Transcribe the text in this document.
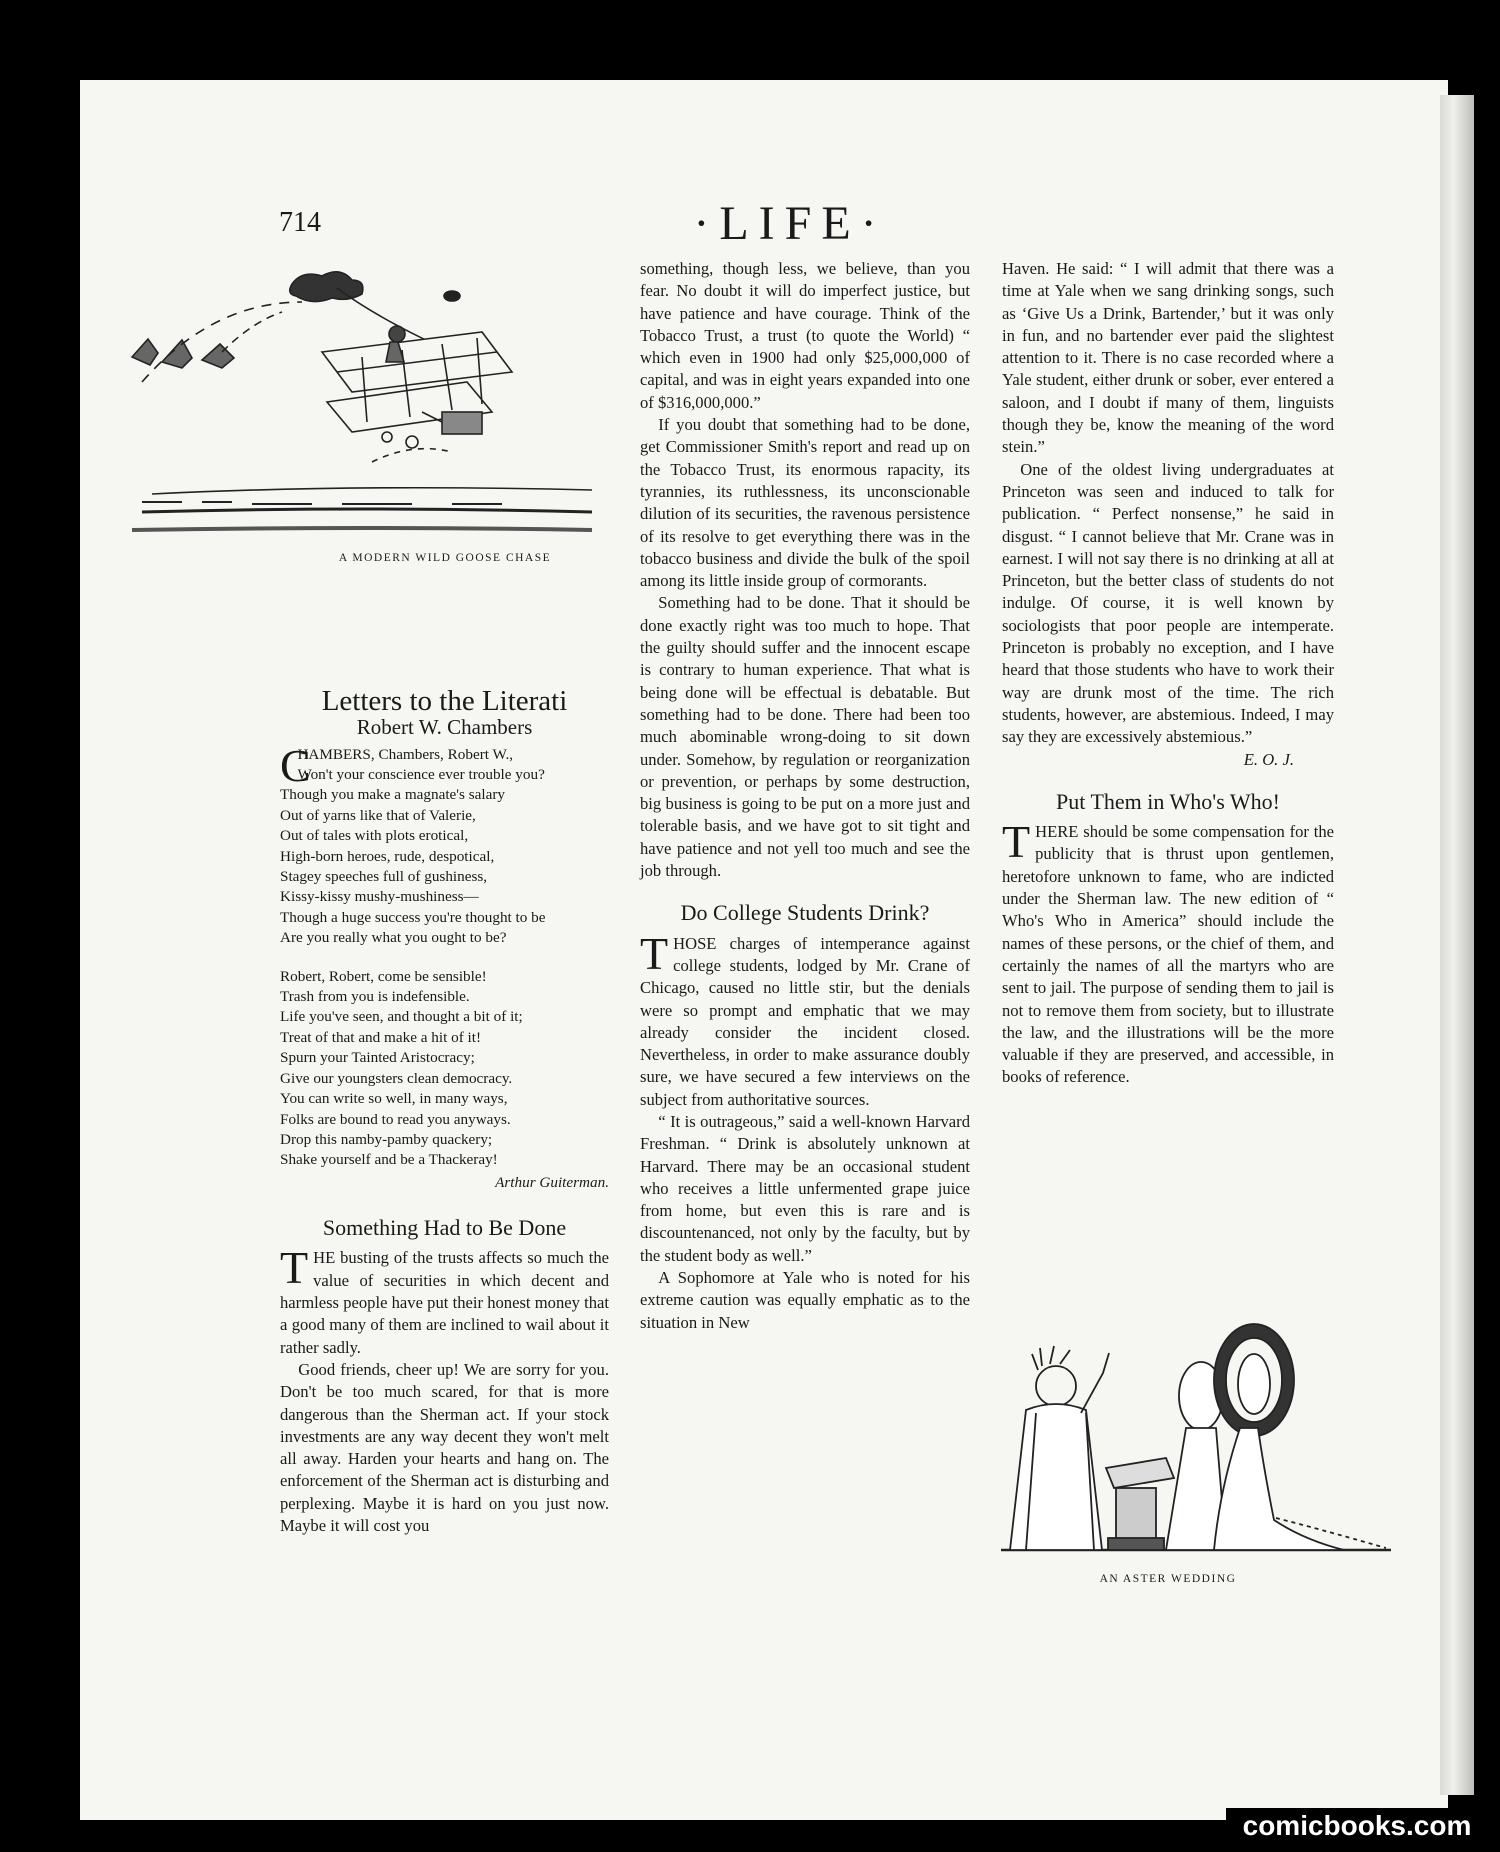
714	·LIFE·
A MODERN WILD GOOSE CHASE
Letters to the Literati
Robert W. Chambers
C
HAMBERS, Chambers, Robert W.,
Won't your conscience ever trouble you?
Though you make a magnate's salary
Out of yarns like that of Valerie,
Out of tales with plots erotical,
High-born heroes, rude, despotical,
Stagey speeches full of gushiness,
Kissy-kissy mushy-mushiness—
Though a huge success you're thought to be
Are you really what you ought to be?
Robert, Robert, come be sensible!
Trash from you is indefensible.
Life you've seen, and thought a bit of it;
Treat of that and make a hit of it!
Spurn your Tainted Aristocracy;
Give our youngsters clean democracy.
You can write so well, in many ways,
Folks are bound to read you anyways.
Drop this namby-pamby quackery;
Shake yourself and be a Thackeray!
Arthur Guiterman.
Something Had to Be Done

THE busting of the trusts affects so much the value of securities in which decent and harmless people have put their honest money that a good many of them are inclined to wail about it rather sadly.

Good friends, cheer up! We are sorry for you. Don't be too much scared, for that is more dangerous than the Sherman act. If your stock investments are any way decent they won't melt all away. Harden your hearts and hang on. The enforcement of the Sherman act is disturbing and perplexing. Maybe it is hard on you just now. Maybe it will cost you

something, though less, we believe, than you fear. No doubt it will do imperfect justice, but have patience and have courage. Think of the Tobacco Trust, a trust (to quote the World) “ which even in 1900 had only $25,000,000 of capital, and was in eight years expanded into one of $316,000,000.”

If you doubt that something had to be done, get Commissioner Smith's report and read up on the Tobacco Trust, its enormous rapacity, its tyrannies, its ruthlessness, its unconscionable dilution of its securities, the ravenous persistence of its resolve to get everything there was in the tobacco business and divide the bulk of the spoil among its little inside group of cormorants.

Something had to be done. That it should be done exactly right was too much to hope. That the guilty should suffer and the innocent escape is contrary to human experience. That what is being done will be effectual is debatable. But something had to be done. There had been too much abominable wrong-doing to sit down under. Somehow, by regulation or reorganization or prevention, or perhaps by some destruction, big business is going to be put on a more just and tolerable basis, and we have got to sit tight and have patience and not yell too much and see the job through.

Do College Students Drink?

THOSE charges of intemperance against college students, lodged by Mr. Crane of Chicago, caused no little stir, but the denials were so prompt and emphatic that we may already consider the incident closed. Nevertheless, in order to make assurance doubly sure, we have secured a few interviews on the subject from authoritative sources.

“ It is outrageous,” said a well-known Harvard Freshman. “ Drink is absolutely unknown at Harvard. There may be an occasional student who receives a little unfermented grape juice from home, but even this is rare and is discountenanced, not only by the faculty, but by the student body as well.”

A Sophomore at Yale who is noted for his extreme caution was equally emphatic as to the situation in New

Haven. He said: “ I will admit that there was a time at Yale when we sang drinking songs, such as ‘Give Us a Drink, Bartender,’ but it was only in fun, and no bartender ever paid the slightest attention to it. There is no case recorded where a Yale student, either drunk or sober, ever entered a saloon, and I doubt if many of them, linguists though they be, know the meaning of the word stein.”

One of the oldest living undergraduates at Princeton was seen and induced to talk for publication. “ Perfect nonsense,” he said in disgust. “ I cannot believe that Mr. Crane was in earnest. I will not say there is no drinking at all at Princeton, but the better class of students do not indulge. Of course, it is well known by sociologists that poor people are intemperate. Princeton is probably no exception, and I have heard that those students who have to work their way are drunk most of the time. The rich students, however, are abstemious. Indeed, I may say they are excessively abstemious.”

E. O. J.
Put Them in Who's Who!

THERE should be some compensation for the publicity that is thrust upon gentlemen, heretofore unknown to fame, who are indicted under the Sherman law. The new edition of “ Who's Who in America” should include the names of these persons, or the chief of them, and certainly the names of all the martyrs who are sent to jail. The purpose of sending them to jail is not to remove them from society, but to illustrate the law, and the illustrations will be the more valuable if they are preserved, and accessible, in books of reference.

AN ASTER WEDDING
comicbooks.com
